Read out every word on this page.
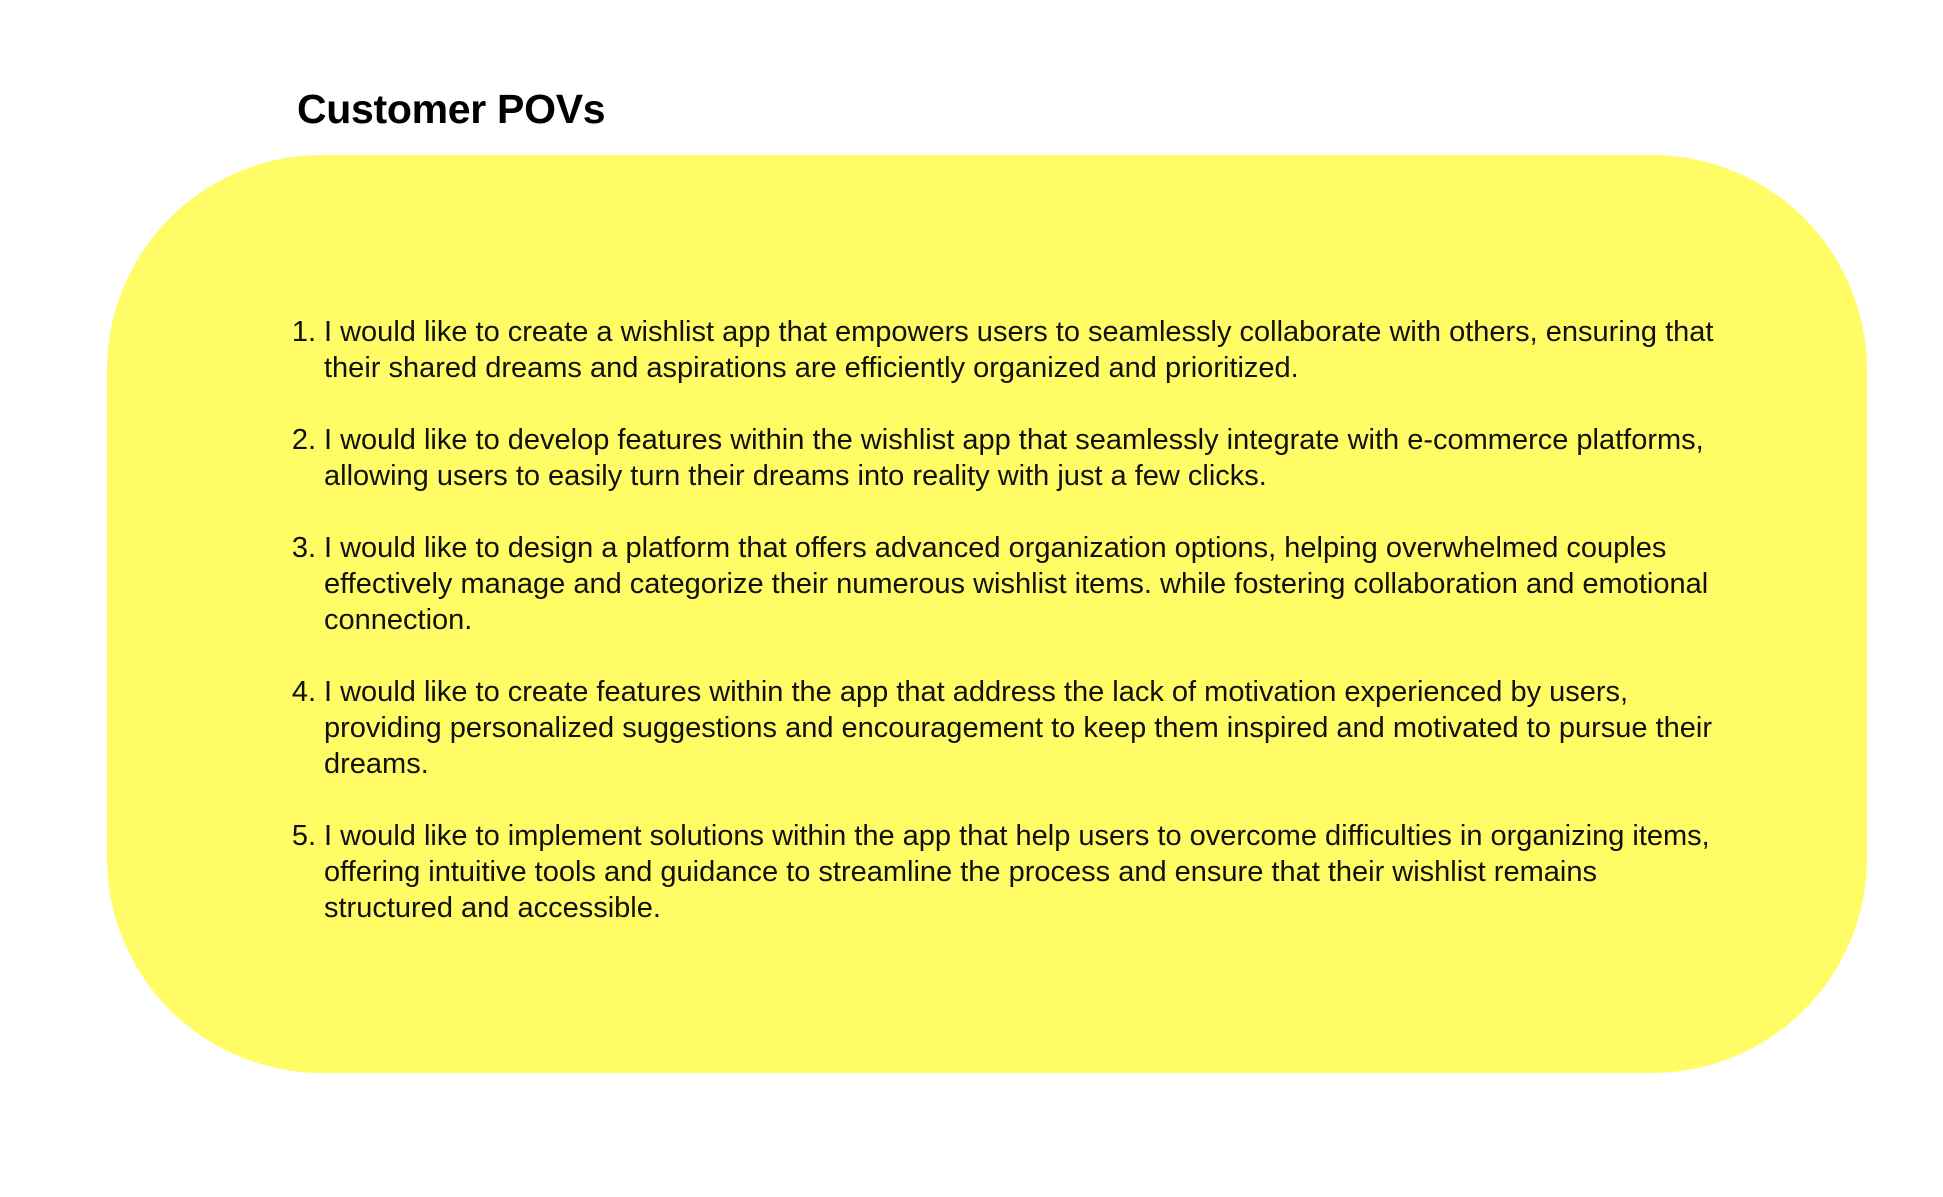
Customer POVs
1. I would like to create a wishlist app that empowers users to seamlessly collaborate with others, ensuring that their shared dreams and aspirations are efficiently organized and prioritized.
2. I would like to develop features within the wishlist app that seamlessly integrate with e-commerce platforms, allowing users to easily turn their dreams into reality with just a few clicks.
3. I would like to design a platform that offers advanced organization options, helping overwhelmed couples effectively manage and categorize their numerous wishlist items. while fostering collaboration and emotional connection.
4. I would like to create features within the app that address the lack of motivation experienced by users, providing personalized suggestions and encouragement to keep them inspired and motivated to pursue their dreams.
5. I would like to implement solutions within the app that help users to overcome difficulties in organizing items, offering intuitive tools and guidance to streamline the process and ensure that their wishlist remains structured and accessible.
